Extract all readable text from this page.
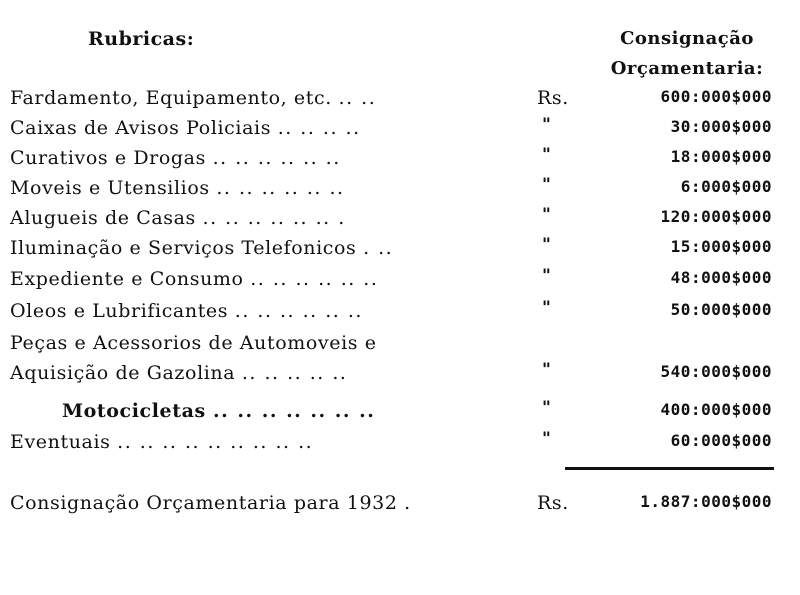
Rubricas:	Consignação
Orçamentaria:
Fardamento, Equipamento, etc. .. ..	Rs.	600:000$000
Caixas de Avisos Policiais .. .. .. ..	"	30:000$000
Curativos e Drogas .. .. .. .. .. ..	"	18:000$000
Moveis e Utensilios .. .. .. .. .. ..	"	6:000$000
Alugueis de Casas .. .. .. .. .. .. .	"	120:000$000
Iluminação e Serviços Telefonicos . ..	"	15:000$000
Expediente e Consumo .. .. .. .. .. ..	"	48:000$000
Oleos e Lubrificantes .. .. .. .. .. ..	"	50:000$000
Peças e Acessorios de Automoveis e
Aquisição de Gazolina .. .. .. .. ..	"	540:000$000
Motocicletas .. .. .. .. .. .. ..	"	400:000$000
Eventuais .. .. .. .. .. .. .. .. ..	"	60:000$000
Consignação Orçamentaria para 1932 .	Rs.	1.887:000$000
